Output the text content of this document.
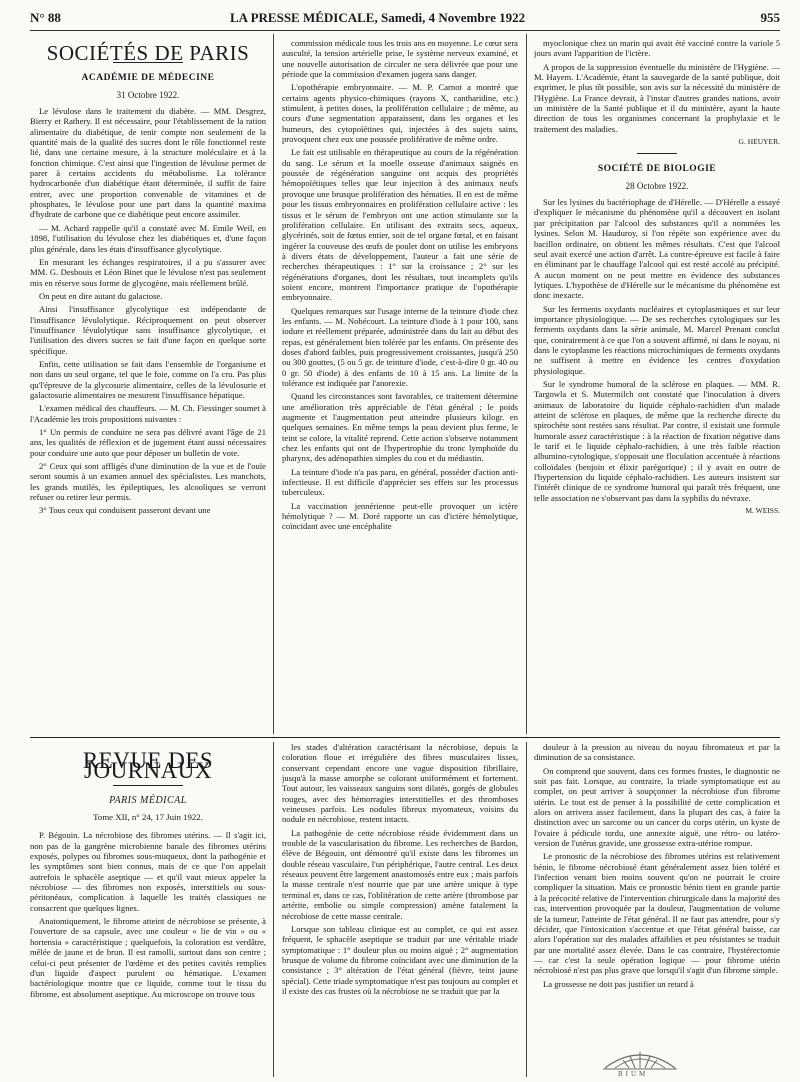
N° 88	LA PRESSE MÉDICALE, Samedi, 4 Novembre 1922	955
SOCIÉTÉS DE PARIS
ACADÉMIE DE MÉDECINE
31 Octobre 1922.

Le lévulose dans le traitement du diabète. — MM. Desgrez, Bierry et Rathery. Il est nécessaire, pour l'établissement de la ration alimentaire du diabétique, de tenir compte non seulement de la quantité mais de la qualité des sucres dont le rôle fonctionnel reste lié, dans une certaine mesure, à la structure moléculaire et à la fonction chimique. C'est ainsi que l'ingestion de lévulose permet de parer à certains accidents du métabolisme. La tolérance hydrocarbonée d'un diabétique étant déterminée, il suffit de faire entrer, avec une proportion convenable de vitamines et de phosphates, le lévulose pour une part dans la quantité maxima d'hydrate de carbone que ce diabétique peut encore assimiler.

— M. Achard rappelle qu'il a constaté avec M. Emile Weil, en 1898, l'utilisation du lévulose chez les diabétiques et, d'une façon plus générale, dans les états d'insuffisance glycolytique.

En mesurant les échanges respiratoires, il a pu s'assurer avec MM. G. Desbouis et Léon Binet que le lévulose n'est pas seulement mis en réserve sous forme de glycogène, mais réellement brûlé.

On peut en dire autant du galactose.

Ainsi l'insuffisance glycolytique est indépendante de l'insuffisance lévulolytique. Réciproquement on peut observer l'insuffisance lévulolytique sans insuffisance glycolytique, et l'utilisation des divers sucres se fait d'une façon en quelque sorte spécifique.

Enfin, cette utilisation se fait dans l'ensemble de l'organisme et non dans un seul organe, tel que le foie, comme on l'a cru. Pas plus qu'l'épreuve de la glycosurie alimentaire, celles de la lévulosurie et galactosurie alimentaires ne mesurent l'insuffisance hépatique.

L'examen médical des chauffeurs. — M. Ch. Fiessinger soumet à l'Académie les trois propositions suivantes :

1° Un permis de conduire ne sera pas délivré avant l'âge de 21 ans, les qualités de réflexion et de jugement étant aussi nécessaires pour conduire une auto que pour déposer un bulletin de vote.

2° Ceux qui sont affligés d'une diminution de la vue et de l'ouïe seront soumis à un examen annuel des spécialistes. Les manchots, les grands mutilés, les épileptiques, les alcooliques se verront refuser ou retirer leur permis.

3° Tous ceux qui conduisent passeront devant une

commission médicale tous les trois ans en moyenne. Le cœur sera ausculté, la tension artérielle prise, le système nerveux examiné, et une nouvelle autorisation de circuler ne sera délivrée que pour une période que la commission d'examen jugera sans danger.

L'opothérapie embryonnaire. — M. P. Carnot a montré que certains agents physico-chimiques (rayons X, cantharidine, etc.) stimulent, à petites doses, la prolifération cellulaire ; de même, au cours d'une segmentation apparaissent, dans les organes et les humeurs, des cytopoïétines qui, injectées à des sujets sains, provoquent chez eux une poussée proliférative de même ordre.

Le fait est utilisable en thérapeutique au cours de la régénération du sang. Le sérum et la moelle osseuse d'animaux saignés en poussée de régénération sanguine ont acquis des propriétés hémopoïétiques telles que leur injection à des animaux neufs provoque une brusque prolifération des hématies. Il en est de même pour les tissus embryonnaires en prolifération cellulaire active : les tissus et le sérum de l'embryon ont une action stimulante sur la prolifération cellulaire. En utilisant des extraits secs, aqueux, glycérinés, soit de fœtus entier, soit de tel organe fœtal, et en faisant ingérer la couveuse des œufs de poulet dont on utilise les embryons à divers états de développement, l'auteur a fait une série de recherches thérapeutiques : 1° sur la croissance ; 2° sur les régénérations d'organes, dont les résultats, tout incomplets qu'ils soient encore, montrent l'importance pratique de l'opothérapie embryonnaire.

Quelques remarques sur l'usage interne de la teinture d'iode chez les enfants. — M. Nobécourt. La teinture d'iode à 1 pour 100, sans iodure et réellement préparée, administrée dans du lait au début des repas, est généralement bien tolérée par les enfants. On présente des doses d'abord faibles, puis progressivement croissantes, jusqu'à 250 ou 300 gouttes, (5 ou 5 gr. de teinture d'iode, c'est-à-dire 0 gr. 40 ou 0 gr. 50 d'iode) à des enfants de 10 à 15 ans. La limite de la tolérance est indiquée par l'anorexie.

Quand les circonstances sont favorables, ce traitement détermine une amélioration très appréciable de l'état général ; le poids augmente et l'augmentation peut atteindre plusieurs kilogr. en quelques semaines. En même temps la peau devient plus ferme, le teint se colore, la vitalité reprend. Cette action s'observe notamment chez les enfants qui ont de l'hypertrophie du tronc lymphoïde du pharynx, des adénopathies simples du cou et du médiastin.

La teinture d'iode n'a pas paru, en général, posséder d'action anti-infectieuse. Il est difficile d'apprécier ses effets sur les processus tuberculeux.

La vaccination jennérienne peut-elle provoquer un ictère hémolytique ? — M. Doré rapporte un cas d'ictère hémolytique, coïncidant avec une encéphalite

myoclonique chez un marin qui avait été vacciné contre la variole 5 jours avant l'apparition de l'ictère.

A propos de la suppression éventuelle du ministère de l'Hygiène. — M. Hayem. L'Académie, étant la sauvegarde de la santé publique, doit exprimer, le plus tôt possible, son avis sur la nécessité du ministère de l'Hygiène. La France devrait, à l'instar d'autres grandes nations, avoir un ministère de la Santé publique et il du ministère, ayant la haute direction de tous les organismes concernant la prophylaxie et le traitement des maladies.

G. HEUYER.
SOCIÉTÉ DE BIOLOGIE
28 Octobre 1922.

Sur les lysines du bactériophage de d'Hérelle. — D'Hérelle a essayé d'expliquer le mécanisme du phénomène qu'il a découvert en isolant par précipitation par l'alcool des substances qu'il a nommées les lysines. Selon M. Hauduroy, si l'on répète son expérience avec du bacillon ordinaire, on obtient les mêmes résultats. C'est que l'alcool seul avait exercé une action d'arrêt. La contre-épreuve est facile à faire en éliminant par le chauffage l'alcool qui est resté accolé au précipité. A aucun moment on ne peut mettre en évidence des substances lytiques. L'hypothèse de d'Hérelle sur le mécanisme du phénomène est donc inexacte.

Sur les ferments oxydants nucléaires et cytoplasmiques et sur leur importance physiologique. — De ses recherches cytologiques sur les ferments oxydants dans la série animale, M. Marcel Prenant conclut que, contrairement à ce que l'on a souvent affirmé, ni dans le noyau, ni dans le cytoplasme les réactions microchimiques de ferments oxydants ne suffisent à mettre en évidence les centres d'oxydation physiologique.

Sur le syndrome humoral de la sclérose en plaques. — MM. R. Targowla et S. Mutermilch ont constaté que l'inoculation à divers animaux de laboratoire du liquide céphalo-rachidien d'un malade atteint de sclérose en plaques, de même que la recherche directe du spirochète sont restées sans résultat. Par contre, il existait une formule humorale assez caractéristique : à la réaction de fixation négative dans le tarif et le liquide céphalo-rachidien, à une très faible réaction albumino-cytologique, s'opposait une floculation accentuée à réactions colloïdales (benjoin et élixir parégorique) ; il y avait en outre de l'hypertension du liquide céphalo-rachidien. Les auteurs insistent sur l'intérêt clinique de ce syndrome humoral qui paraît très fréquent, une telle association ne s'observant pas dans la syphilis du névraxe.

M. WEISS.
REVUE DES JOURNAUX
PARIS MÉDICAL
Tome XII, n° 24, 17 Juin 1922.

P. Bégouin. La nécrobiose des fibromes utérins. — Il s'agit ici, non pas de la gangrène microbienne banale des fibromes utérins exposés, polypes ou fibromes sous-muqueux, dont la pathogénie et les symptômes sont bien connus, mais de ce que l'on appelait autrefois le sphacèle aseptique — et qu'il vaut mieux appeler la nécrobiose — des fibromes non exposés, interstitiels ou sous-péritonéaux, complication à laquelle les traités classiques ne consacrent que quelques lignes.

Anatomiquement, le fibrome atteint de nécrobiose se présente, à l'ouverture de sa capsule, avec une couleur « lie de vin » ou « hortensia » caractéristique ; quelquefois, la coloration est verdâtre, mêlée de jaune et de brun. Il est ramolli, surtout dans son centre ; celui-ci peut présenter de l'œdème et des petites cavités remplies d'un liquide d'aspect purulent ou hématique. L'examen bactériologique montre que ce liquide, comme tout le tissu du fibrome, est absolument aseptique. Au microscope on trouve tous

les stades d'altération caractérisant la nécrobiose, depuis la coloration floue et irrégulière des fibres musculaires lisses, conservant cependant encore une vague disposition fibrillaire, jusqu'à la masse amorphe se colorant uniformément et fortement. Tout autour, les vaisseaux sanguins sont dilatés, gorgés de globules rouges, avec des hémorragies interstitielles et des thromboses veineuses parfois. Les nodules fibreux myomateux, voisins du nodule en nécrobiose, restent intacts.

La pathogénie de cette nécrobiose réside évidemment dans un trouble de la vascularisation du fibrome. Les recherches de Bardon, élève de Bégouin, ont démontré qu'il existe dans les fibromes un double réseau vasculaire, l'un périphérique, l'autre central. Les deux réseaux peuvent être largement anastomosés entre eux ; mais parfois la masse centrale n'est nourrie que par une artère unique à type terminal et, dans ce cas, l'oblitération de cette artère (thrombose par artérite, embolie ou simple compression) amène fatalement la nécrobiose de cette masse centrale.

Lorsque son tableau clinique est au complet, ce qui est assez fréquent, le sphacèle aseptique se traduit par une véritable triade symptomatique : 1° douleur plus ou moins aiguë ; 2° augmentation brusque de volume du fibrome coïncidant avec une diminution de la consistance ; 3° altération de l'état général (fièvre, teint jaune spécial). Cette triade symptomatique n'est pas toujours au complet et il existe des cas frustes où la nécrobiose ne se traduit que par la

douleur à la pression au niveau du noyau fibromateux et par la diminution de sa consistance.

On comprend que souvent, dans ces formes frustes, le diagnostic ne soit pas fait. Lorsque, au contraire, la triade symptomatique est au complet, on peut arriver à soupçonner la nécrobiose d'un fibrome utérin. Le tout est de penser à la possibilité de cette complication et alors on arrivera assez facilement, dans la plupart des cas, à faire la distinction avec un sarcome ou un cancer du corps utérin, un kyste de l'ovaire à pédicule tordu, une annexite aiguë, une rétro- ou latéro-version de l'utérus gravide, une grossesse extra-utérine rompue.

Le pronostic de la nécrobiose des fibromes utérins est relativement bénin, le fibrome nécrobiosé étant généralement assez bien toléré et l'infection venant bien moins souvent qu'on ne pourrait le croire compliquer la situation. Mais ce pronostic bénin tient en grande partie à la précocité relative de l'intervention chirurgicale dans la majorité des cas, intervention provoquée par la douleur, l'augmentation de volume de la tumeur, l'atteinte de l'état général. Il ne faut pas attendre, pour s'y décider, que l'intoxication s'accentue et que l'état général baisse, car alors l'opération sur des malades affaiblies et peu résistantes se traduit par une mortalité assez élevée. Dans le cas contraire, l'hystérectomie — car c'est la seule opération logique — pour fibrome utérin nécrobiosé n'est pas plus grave que lorsqu'il s'agit d'un fibrome simple.

La grossesse ne doit pas justifier un retard à

BIUM
